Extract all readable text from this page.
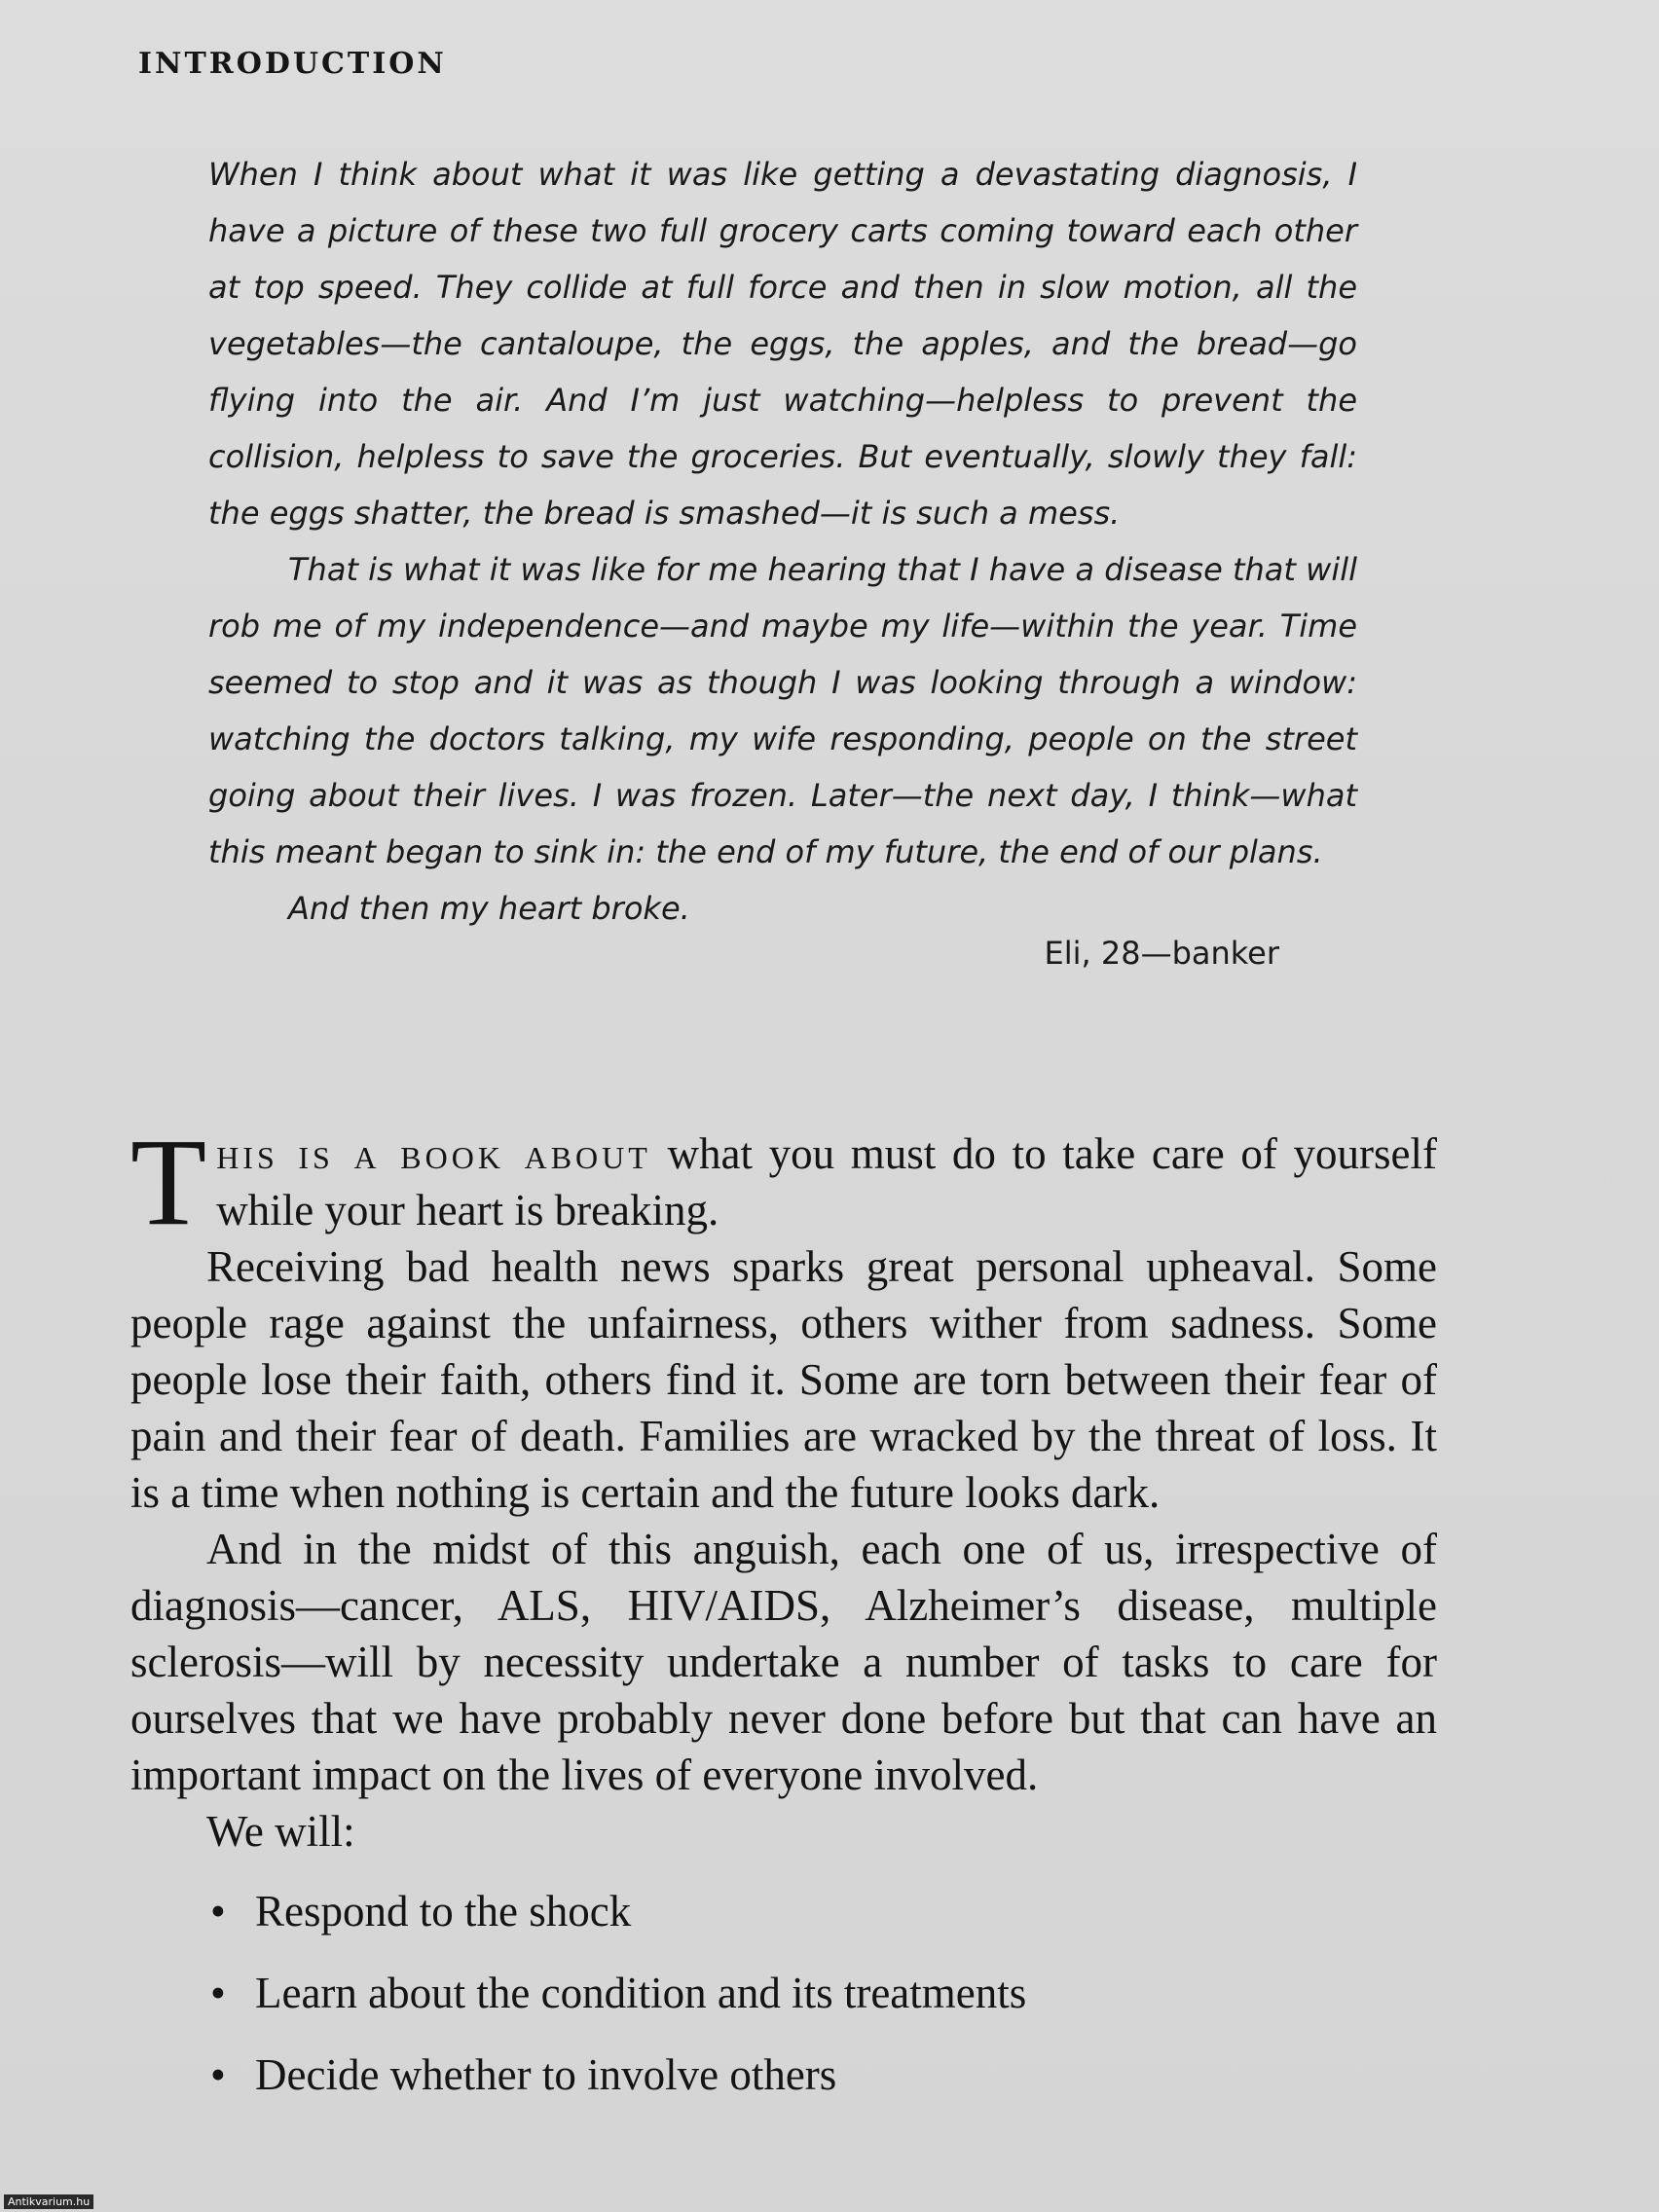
INTRODUCTION

When I think about what it was like getting a devastating diagnosis, I have a picture of these two full grocery carts coming toward each other at top speed. They collide at full force and then in slow motion, all the vegetables—the cantaloupe, the eggs, the apples, and the bread—go flying into the air. And I’m just watching—helpless to prevent the collision, helpless to save the groceries. But eventually, slowly they fall: the eggs shatter, the bread is smashed—it is such a mess.

That is what it was like for me hearing that I have a disease that will rob me of my independence—and maybe my life—within the year. Time seemed to stop and it was as though I was looking through a window: watching the doctors talking, my wife responding, people on the street going about their lives. I was frozen. Later—the next day, I think—what this meant began to sink in: the end of my future, the end of our plans.

And then my heart broke.

Eli, 28—banker

This is a book about what you must do to take care of yourself while your heart is breaking.

Receiving bad health news sparks great personal upheaval. Some people rage against the unfairness, others wither from sadness. Some people lose their faith, others find it. Some are torn between their fear of pain and their fear of death. Families are wracked by the threat of loss. It is a time when nothing is certain and the future looks dark.

And in the midst of this anguish, each one of us, irrespective of diagnosis—cancer, ALS, HIV/AIDS, Alzheimer’s disease, multiple sclerosis—will by necessity undertake a number of tasks to care for ourselves that we have probably never done before but that can have an important impact on the lives of everyone involved.

We will:

• Respond to the shock
• Learn about the condition and its treatments
• Decide whether to involve others
Antikvarium.hu
